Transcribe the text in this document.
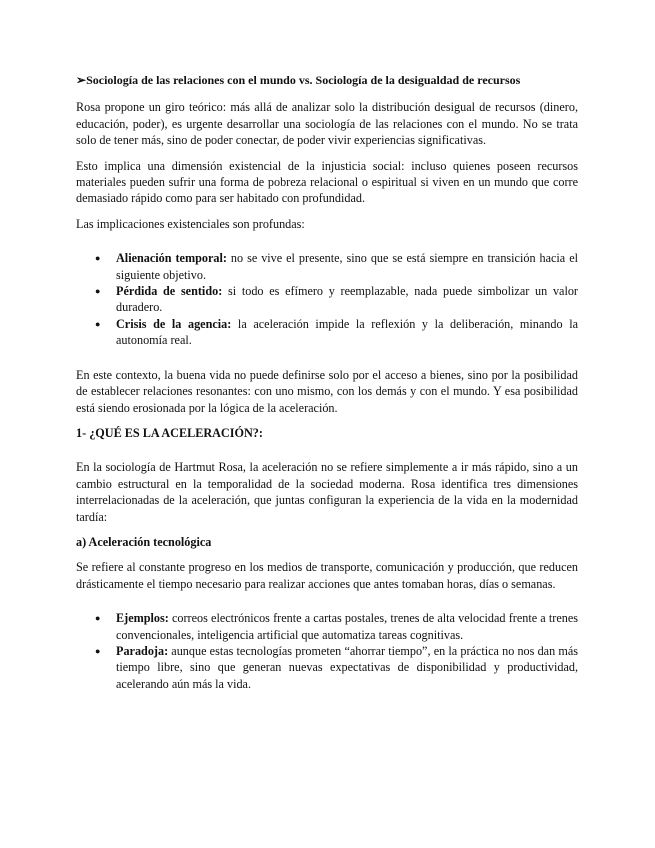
➢Sociología de las relaciones con el mundo vs. Sociología de la desigualdad de recursos

Rosa propone un giro teórico: más allá de analizar solo la distribución desigual de recursos (dinero, educación, poder), es urgente desarrollar una sociología de las relaciones con el mundo. No se trata solo de tener más, sino de poder conectar, de poder vivir experiencias significativas.

Esto implica una dimensión existencial de la injusticia social: incluso quienes poseen recursos materiales pueden sufrir una forma de pobreza relacional o espiritual si viven en un mundo que corre demasiado rápido como para ser habitado con profundidad.

Las implicaciones existenciales son profundas:

● Alienación temporal: no se vive el presente, sino que se está siempre en transición hacia el siguiente objetivo.
● Pérdida de sentido: si todo es efímero y reemplazable, nada puede simbolizar un valor duradero.
● Crisis de la agencia: la aceleración impide la reflexión y la deliberación, minando la autonomía real.

En este contexto, la buena vida no puede definirse solo por el acceso a bienes, sino por la posibilidad de establecer relaciones resonantes: con uno mismo, con los demás y con el mundo. Y esa posibilidad está siendo erosionada por la lógica de la aceleración.

1- ¿QUÉ ES LA ACELERACIÓN?:

En la sociología de Hartmut Rosa, la aceleración no se refiere simplemente a ir más rápido, sino a un cambio estructural en la temporalidad de la sociedad moderna. Rosa identifica tres dimensiones interrelacionadas de la aceleración, que juntas configuran la experiencia de la vida en la modernidad tardía:

a) Aceleración tecnológica

Se refiere al constante progreso en los medios de transporte, comunicación y producción, que reducen drásticamente el tiempo necesario para realizar acciones que antes tomaban horas, días o semanas.

● Ejemplos: correos electrónicos frente a cartas postales, trenes de alta velocidad frente a trenes convencionales, inteligencia artificial que automatiza tareas cognitivas.
● Paradoja: aunque estas tecnologías prometen “ahorrar tiempo”, en la práctica no nos dan más tiempo libre, sino que generan nuevas expectativas de disponibilidad y productividad, acelerando aún más la vida.
